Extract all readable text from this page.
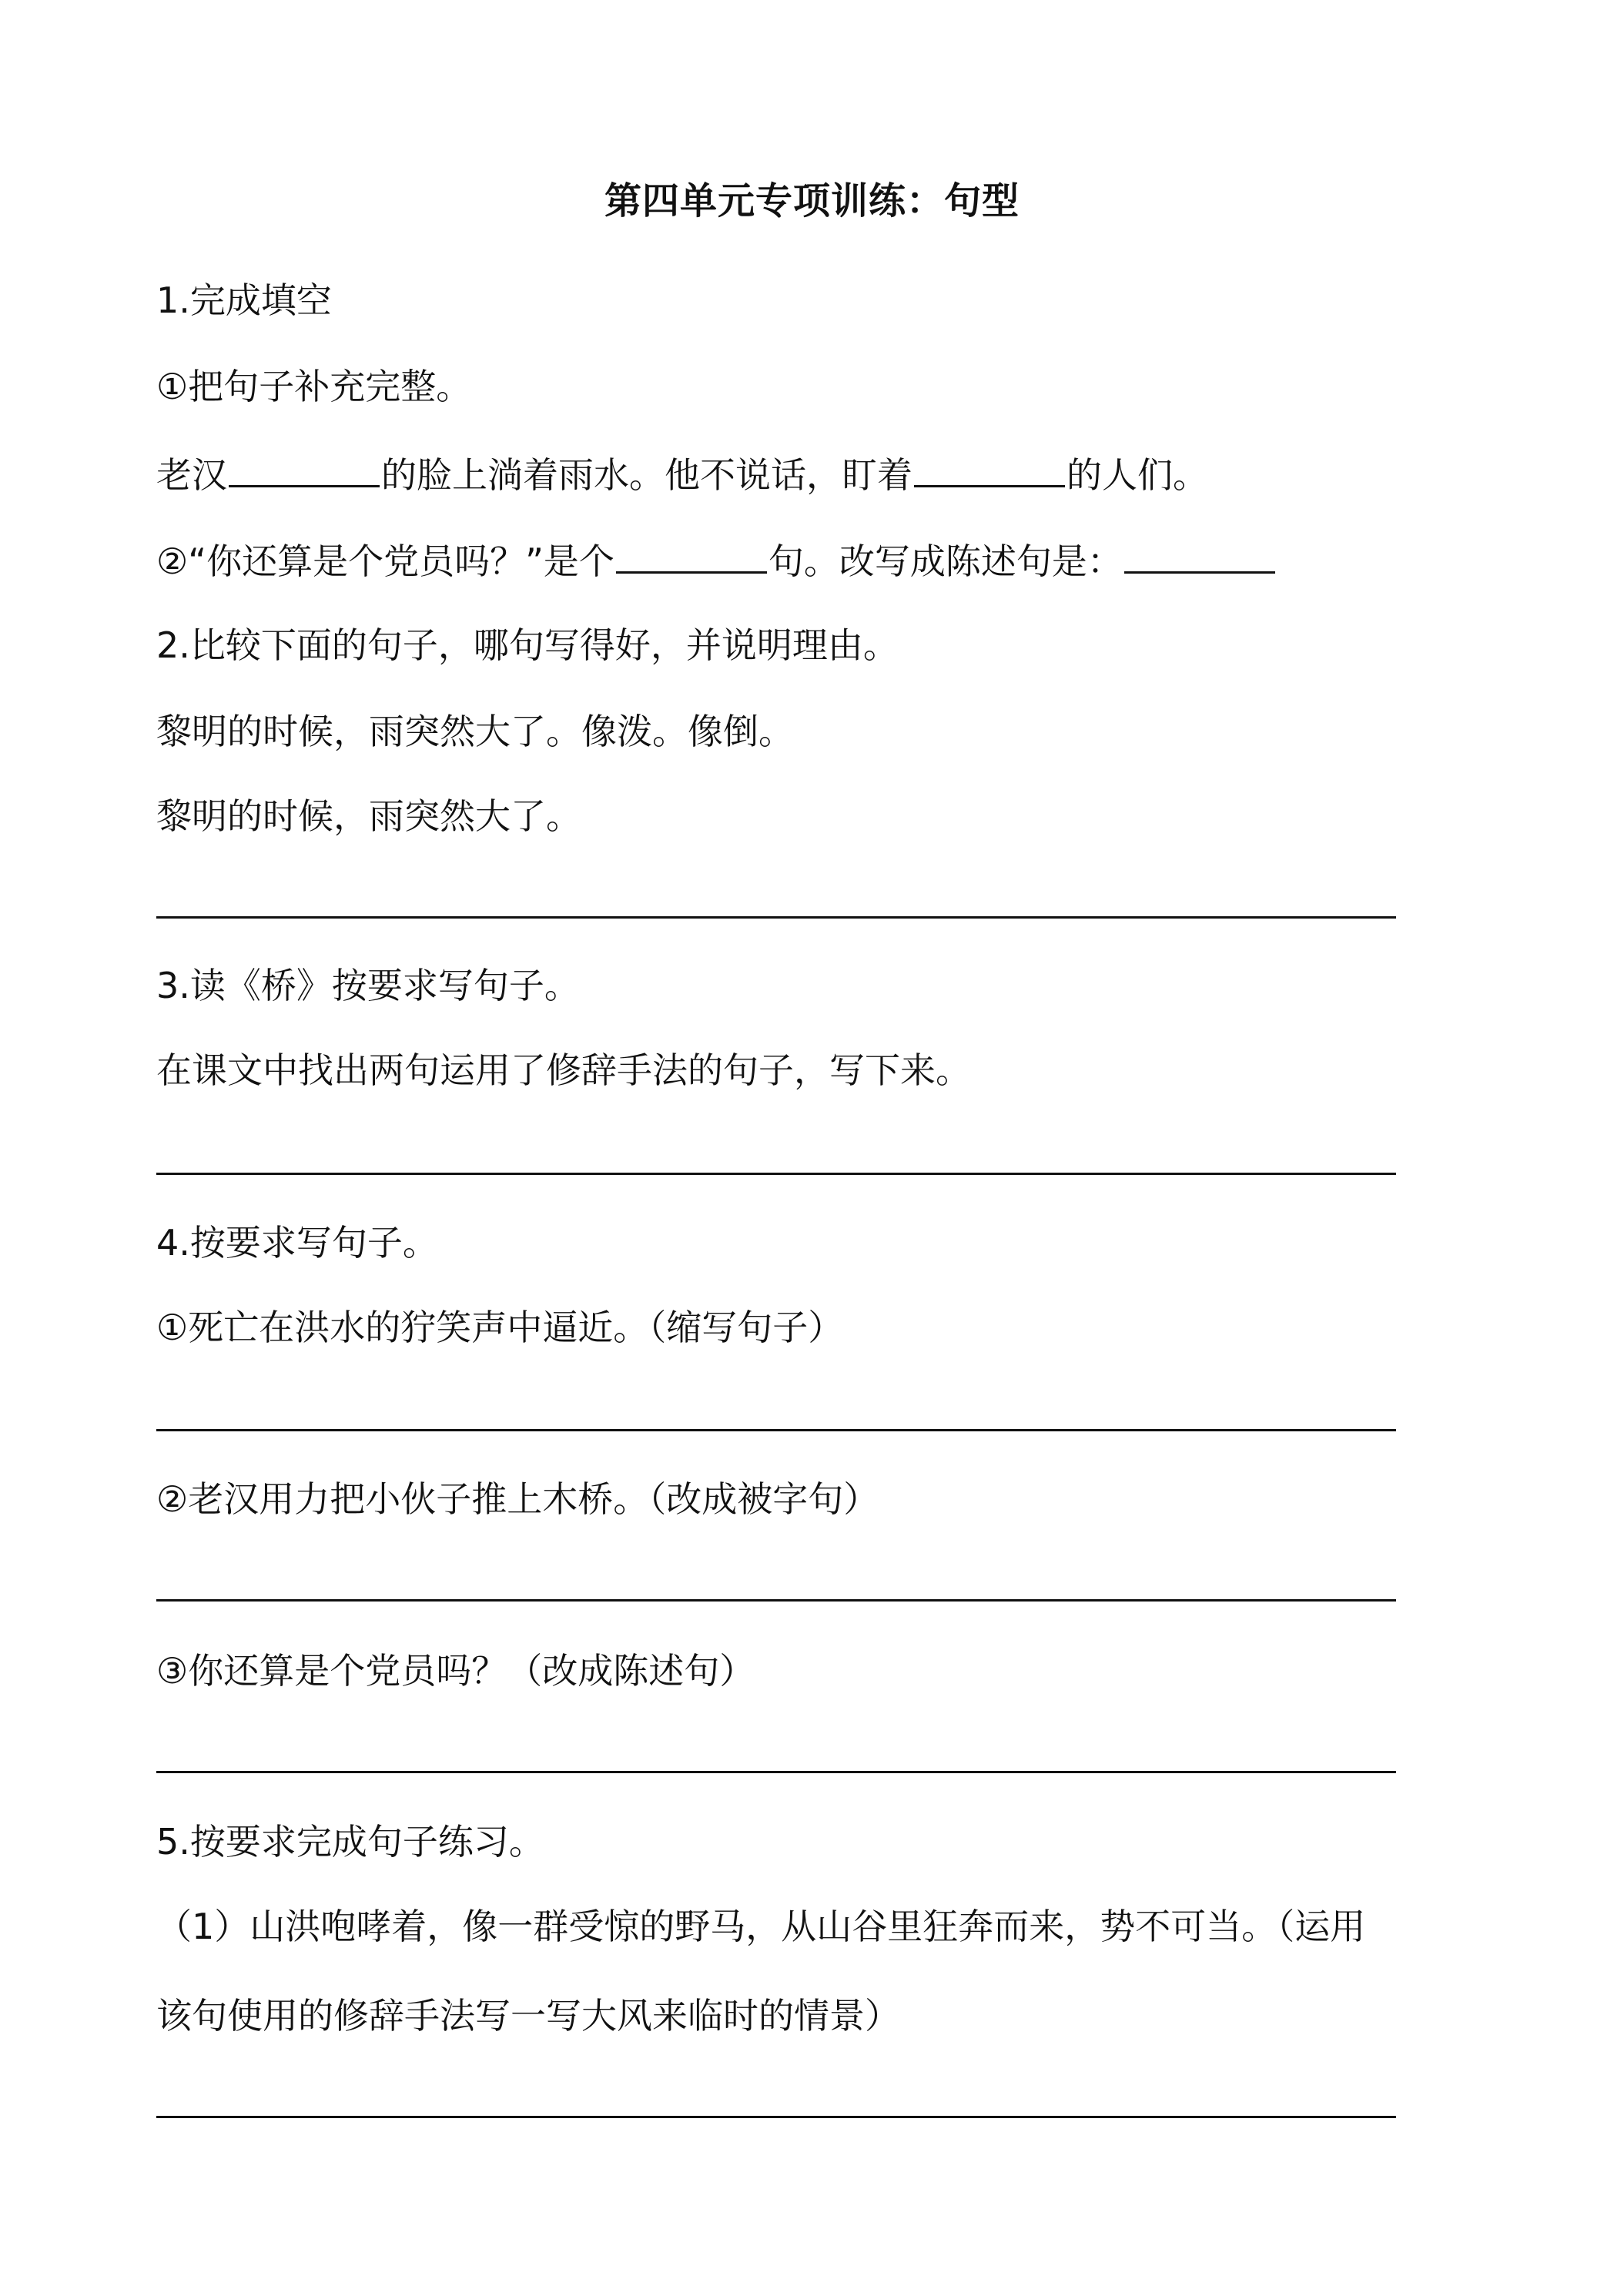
第四单元专项训练：句型
1.完成填空
①把句子补充完整。
老汉	的脸上淌着雨水。他不说话，盯着	的人们。
②“你还算是个党员吗？”是个	句。改写成陈述句是：
2.比较下面的句子，哪句写得好，并说明理由。
黎明的时候，雨突然大了。像泼。像倒。
黎明的时候，雨突然大了。
3.读《桥》按要求写句子。
在课文中找出两句运用了修辞手法的句子，写下来。
4.按要求写句子。
①死亡在洪水的狞笑声中逼近。（缩写句子）
②老汉用力把小伙子推上木桥。（改成被字句）
③你还算是个党员吗？（改成陈述句）
5.按要求完成句子练习。
（1）山洪咆哮着，像一群受惊的野马，从山谷里狂奔而来，势不可当。（运用
该句使用的修辞手法写一写大风来临时的情景）
